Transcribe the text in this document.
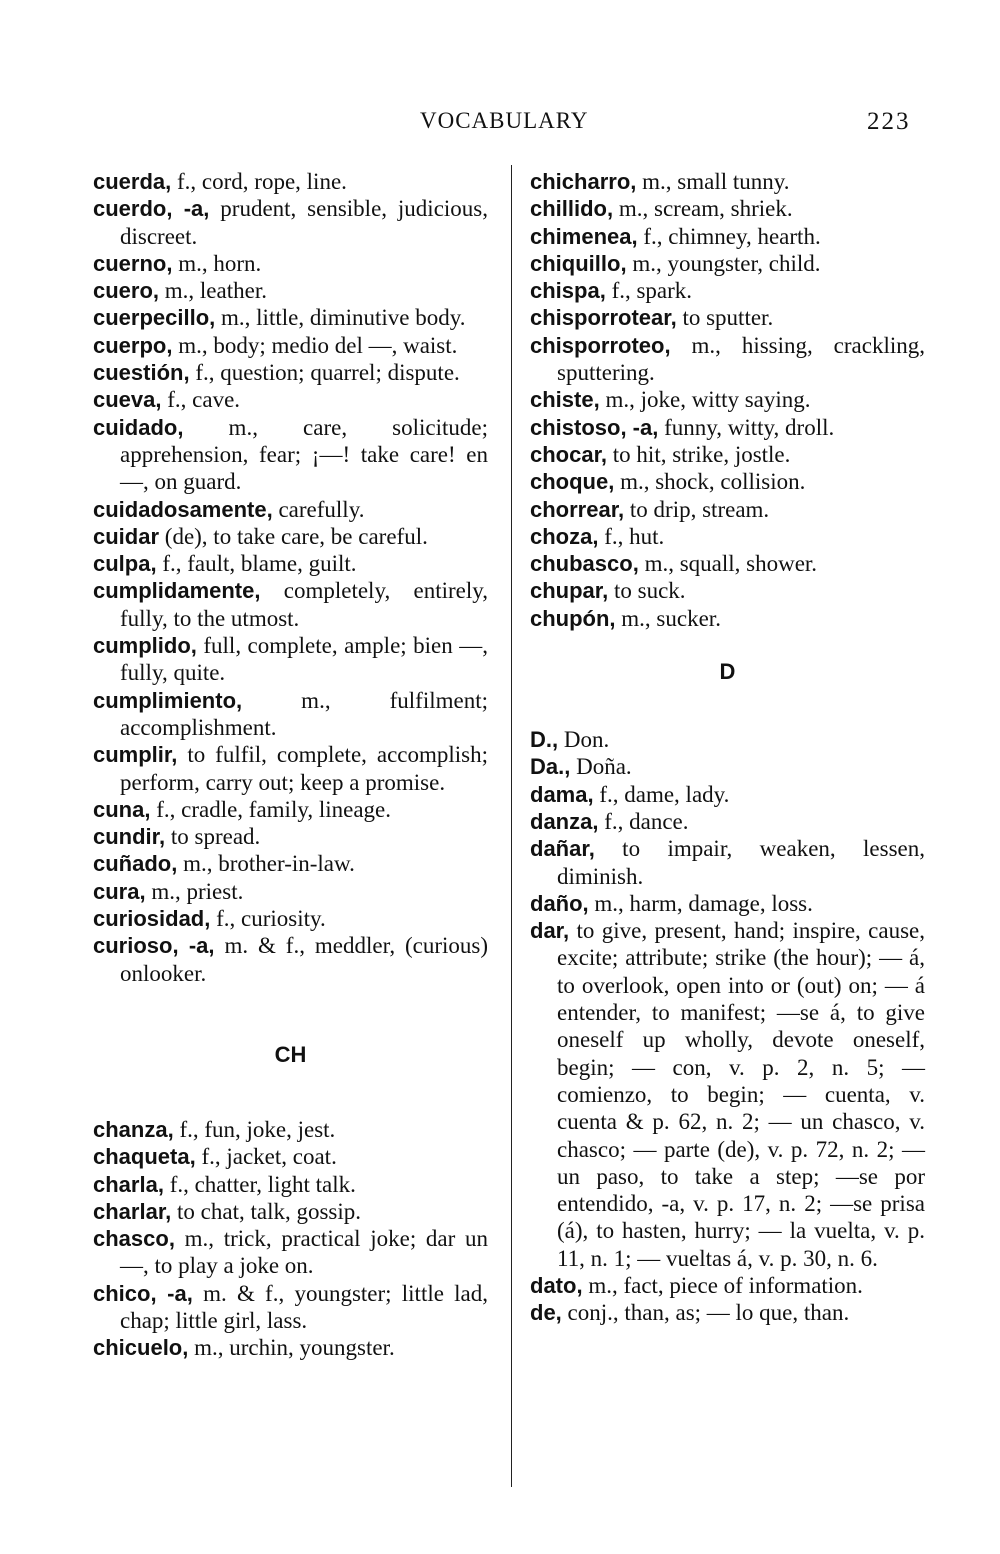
VOCABULARY	223

cuerda, f., cord, rope, line.

cuerdo, -a, prudent, sensible, judicious, discreet.

cuerno, m., horn.

cuero, m., leather.

cuerpecillo, m., little, diminutive body.

cuerpo, m., body; medio del —, waist.

cuestión, f., question; quarrel; dispute.

cueva, f., cave.

cuidado, m., care, solicitude; apprehension, fear; ¡—! take care! en —, on guard.

cuidadosamente, carefully.

cuidar (de), to take care, be careful.

culpa, f., fault, blame, guilt.

cumplidamente, completely, entirely, fully, to the utmost.

cumplido, full, complete, ample; bien —, fully, quite.

cumplimiento, m., fulfilment; accomplishment.

cumplir, to fulfil, complete, accomplish; perform, carry out; keep a promise.

cuna, f., cradle, family, lineage.

cundir, to spread.

cuñado, m., brother-in-law.

cura, m., priest.

curiosidad, f., curiosity.

curioso, -a, m. & f., meddler, (curious) onlooker.

CH

chanza, f., fun, joke, jest.

chaqueta, f., jacket, coat.

charla, f., chatter, light talk.

charlar, to chat, talk, gossip.

chasco, m., trick, practical joke; dar un —, to play a joke on.

chico, -a, m. & f., youngster; little lad, chap; little girl, lass.

chicuelo, m., urchin, youngster.

chicharro, m., small tunny.

chillido, m., scream, shriek.

chimenea, f., chimney, hearth.

chiquillo, m., youngster, child.

chispa, f., spark.

chisporrotear, to sputter.

chisporroteo, m., hissing, crackling, sputtering.

chiste, m., joke, witty saying.

chistoso, -a, funny, witty, droll.

chocar, to hit, strike, jostle.

choque, m., shock, collision.

chorrear, to drip, stream.

choza, f., hut.

chubasco, m., squall, shower.

chupar, to suck.

chupón, m., sucker.

D

D., Don.

Da., Doña.

dama, f., dame, lady.

danza, f., dance.

dañar, to impair, weaken, lessen, diminish.

daño, m., harm, damage, loss.

dar, to give, present, hand; inspire, cause, excite; attribute; strike (the hour); — á, to overlook, open into or (out) on; — á entender, to manifest; —se á, to give oneself up wholly, devote oneself, begin; — con, v. p. 2, n. 5; — comienzo, to begin; — cuenta, v. cuenta & p. 62, n. 2; — un chasco, v. chasco; — parte (de), v. p. 72, n. 2; — un paso, to take a step; —se por entendido, -a, v. p. 17, n. 2; —se prisa (á), to hasten, hurry; — la vuelta, v. p. 11, n. 1; — vueltas á, v. p. 30, n. 6.

dato, m., fact, piece of information.

de, conj., than, as; — lo que, than.
